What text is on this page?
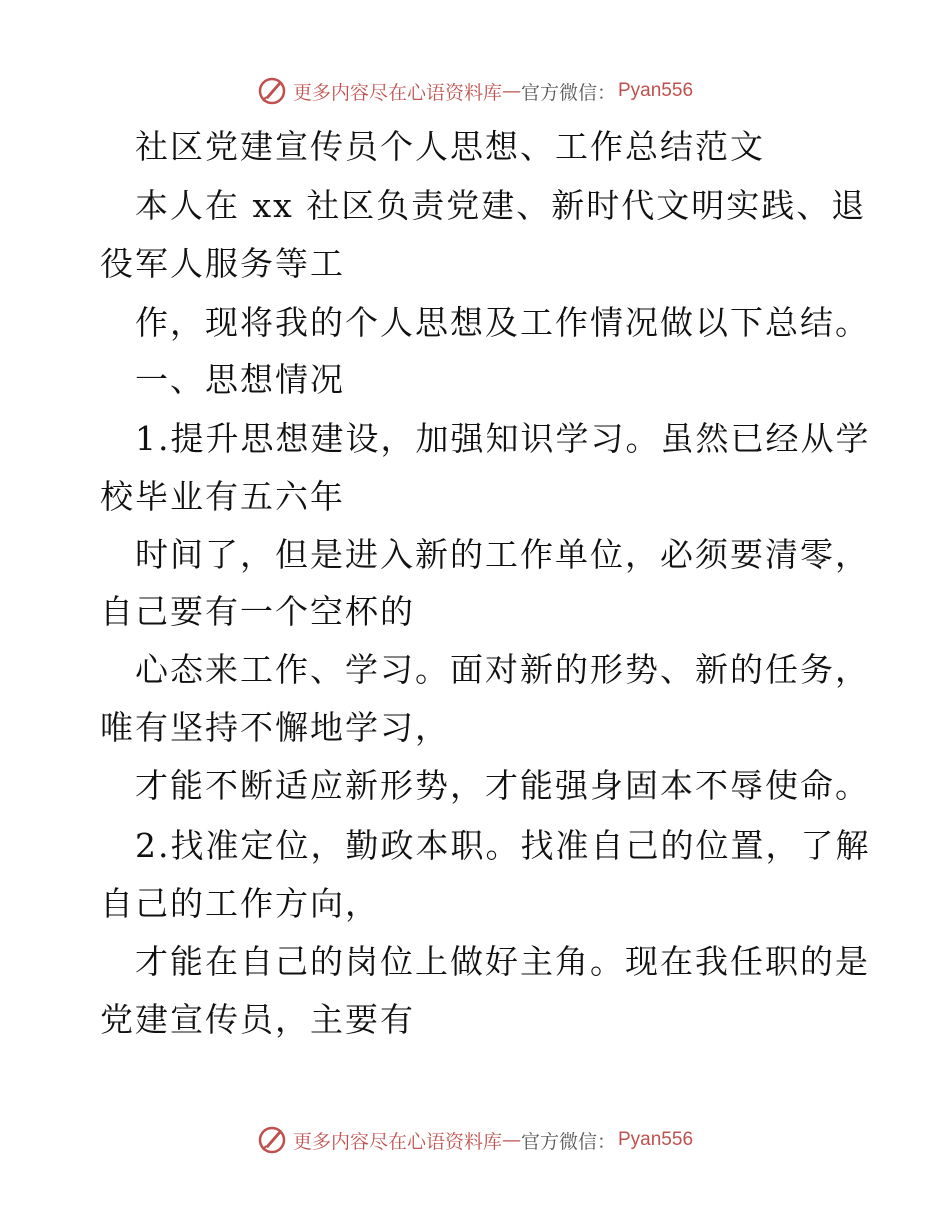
更多内容尽在心语资料库 — 官方微信： Pyan556
社区党建宣传员个人思想、工作总结范文
本人在 xx 社区负责党建、新时代文明实践、退
役军人服务等工
作，现将我的个人思想及工作情况做以下总结。
一、思想情况
1.提升思想建设，加强知识学习。虽然已经从学
校毕业有五六年
时间了，但是进入新的工作单位，必须要清零，
自己要有一个空杯的
心态来工作、学习。面对新的形势、新的任务，
唯有坚持不懈地学习，
才能不断适应新形势，才能强身固本不辱使命。
2.找准定位，勤政本职。找准自己的位置，了解
自己的工作方向，
才能在自己的岗位上做好主角。现在我任职的是
党建宣传员，主要有
更多内容尽在心语资料库 — 官方微信： Pyan556
